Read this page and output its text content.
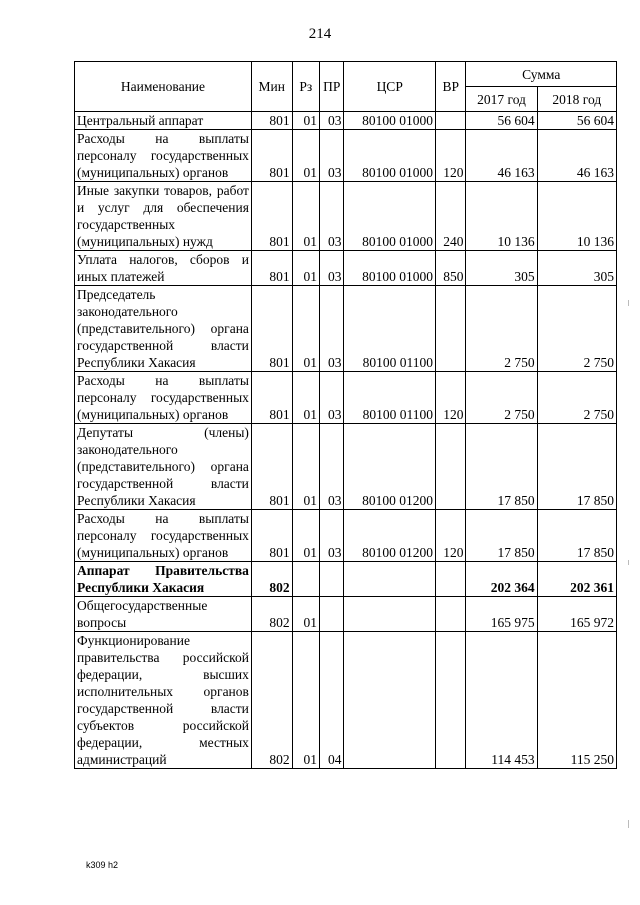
214
Наименование	Мин	Рз	ПР	ЦСР	ВР	Сумма	
						2017 год	2018 год
Центральный аппарат	801	01	03	80100 01000		56 604	56 604
Расходы на выплаты персоналу государственных (муниципальных) органов	801	01	03	80100 01000	120	46 163	46 163
Иные закупки товаров, работ и услуг для обеспечения государственных (муниципальных) нужд	801	01	03	80100 01000	240	10 136	10 136
Уплата налогов, сборов и иных платежей	801	01	03	80100 01000	850	305	305
Председатель законодательного (представительного) органа государственной власти Республики Хакасия	801	01	03	80100 01100		2 750	2 750
Расходы на выплаты персоналу государственных (муниципальных) органов	801	01	03	80100 01100	120	2 750	2 750
Депутаты (члены) законодательного (представительного) органа государственной власти Республики Хакасия	801	01	03	80100 01200		17 850	17 850
Расходы на выплаты персоналу государственных (муниципальных) органов	801	01	03	80100 01200	120	17 850	17 850
Аппарат Правительства Республики Хакасия	802					202 364	202 361
Общегосударственные вопросы	802	01				165 975	165 972
Функционирование правительства российской федерации, высших исполнительных органов государственной власти субъектов российской федерации, местных администраций	802	01	04			114 453	115 250
k309 h2
